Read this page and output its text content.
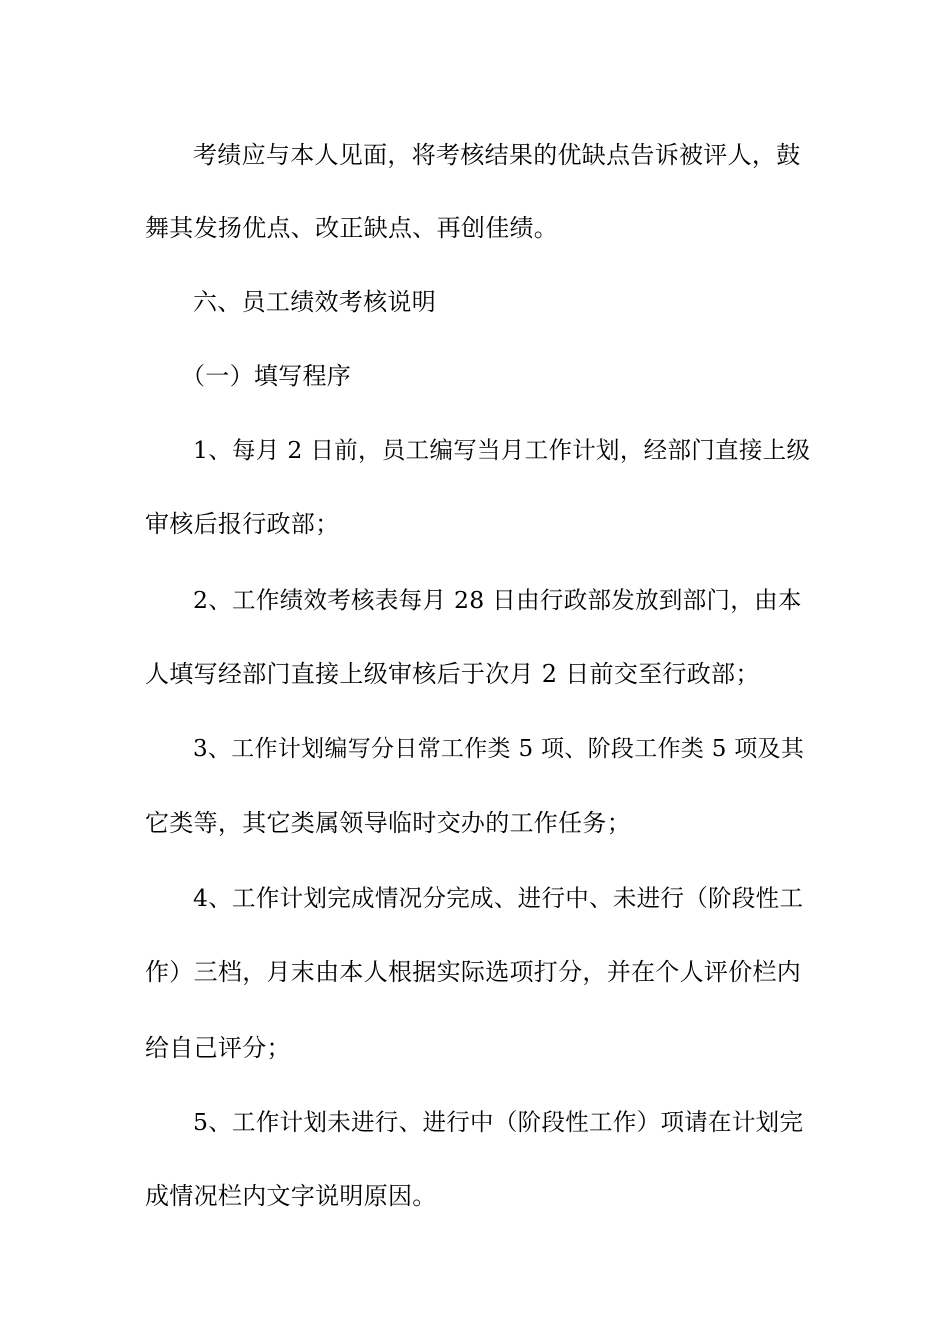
考绩应与本人见面，将考核结果的优缺点告诉被评人，鼓
舞其发扬优点、改正缺点、再创佳绩。
六、员工绩效考核说明
（一）填写程序
1、每月 2 日前，员工编写当月工作计划，经部门直接上级
审核后报行政部；
2、工作绩效考核表每月 28 日由行政部发放到部门，由本
人填写经部门直接上级审核后于次月 2 日前交至行政部；
3、工作计划编写分日常工作类 5 项、阶段工作类 5 项及其
它类等，其它类属领导临时交办的工作任务；
4、工作计划完成情况分完成、进行中、未进行（阶段性工
作）三档，月末由本人根据实际选项打分，并在个人评价栏内
给自己评分；
5、工作计划未进行、进行中（阶段性工作）项请在计划完
成情况栏内文字说明原因。
